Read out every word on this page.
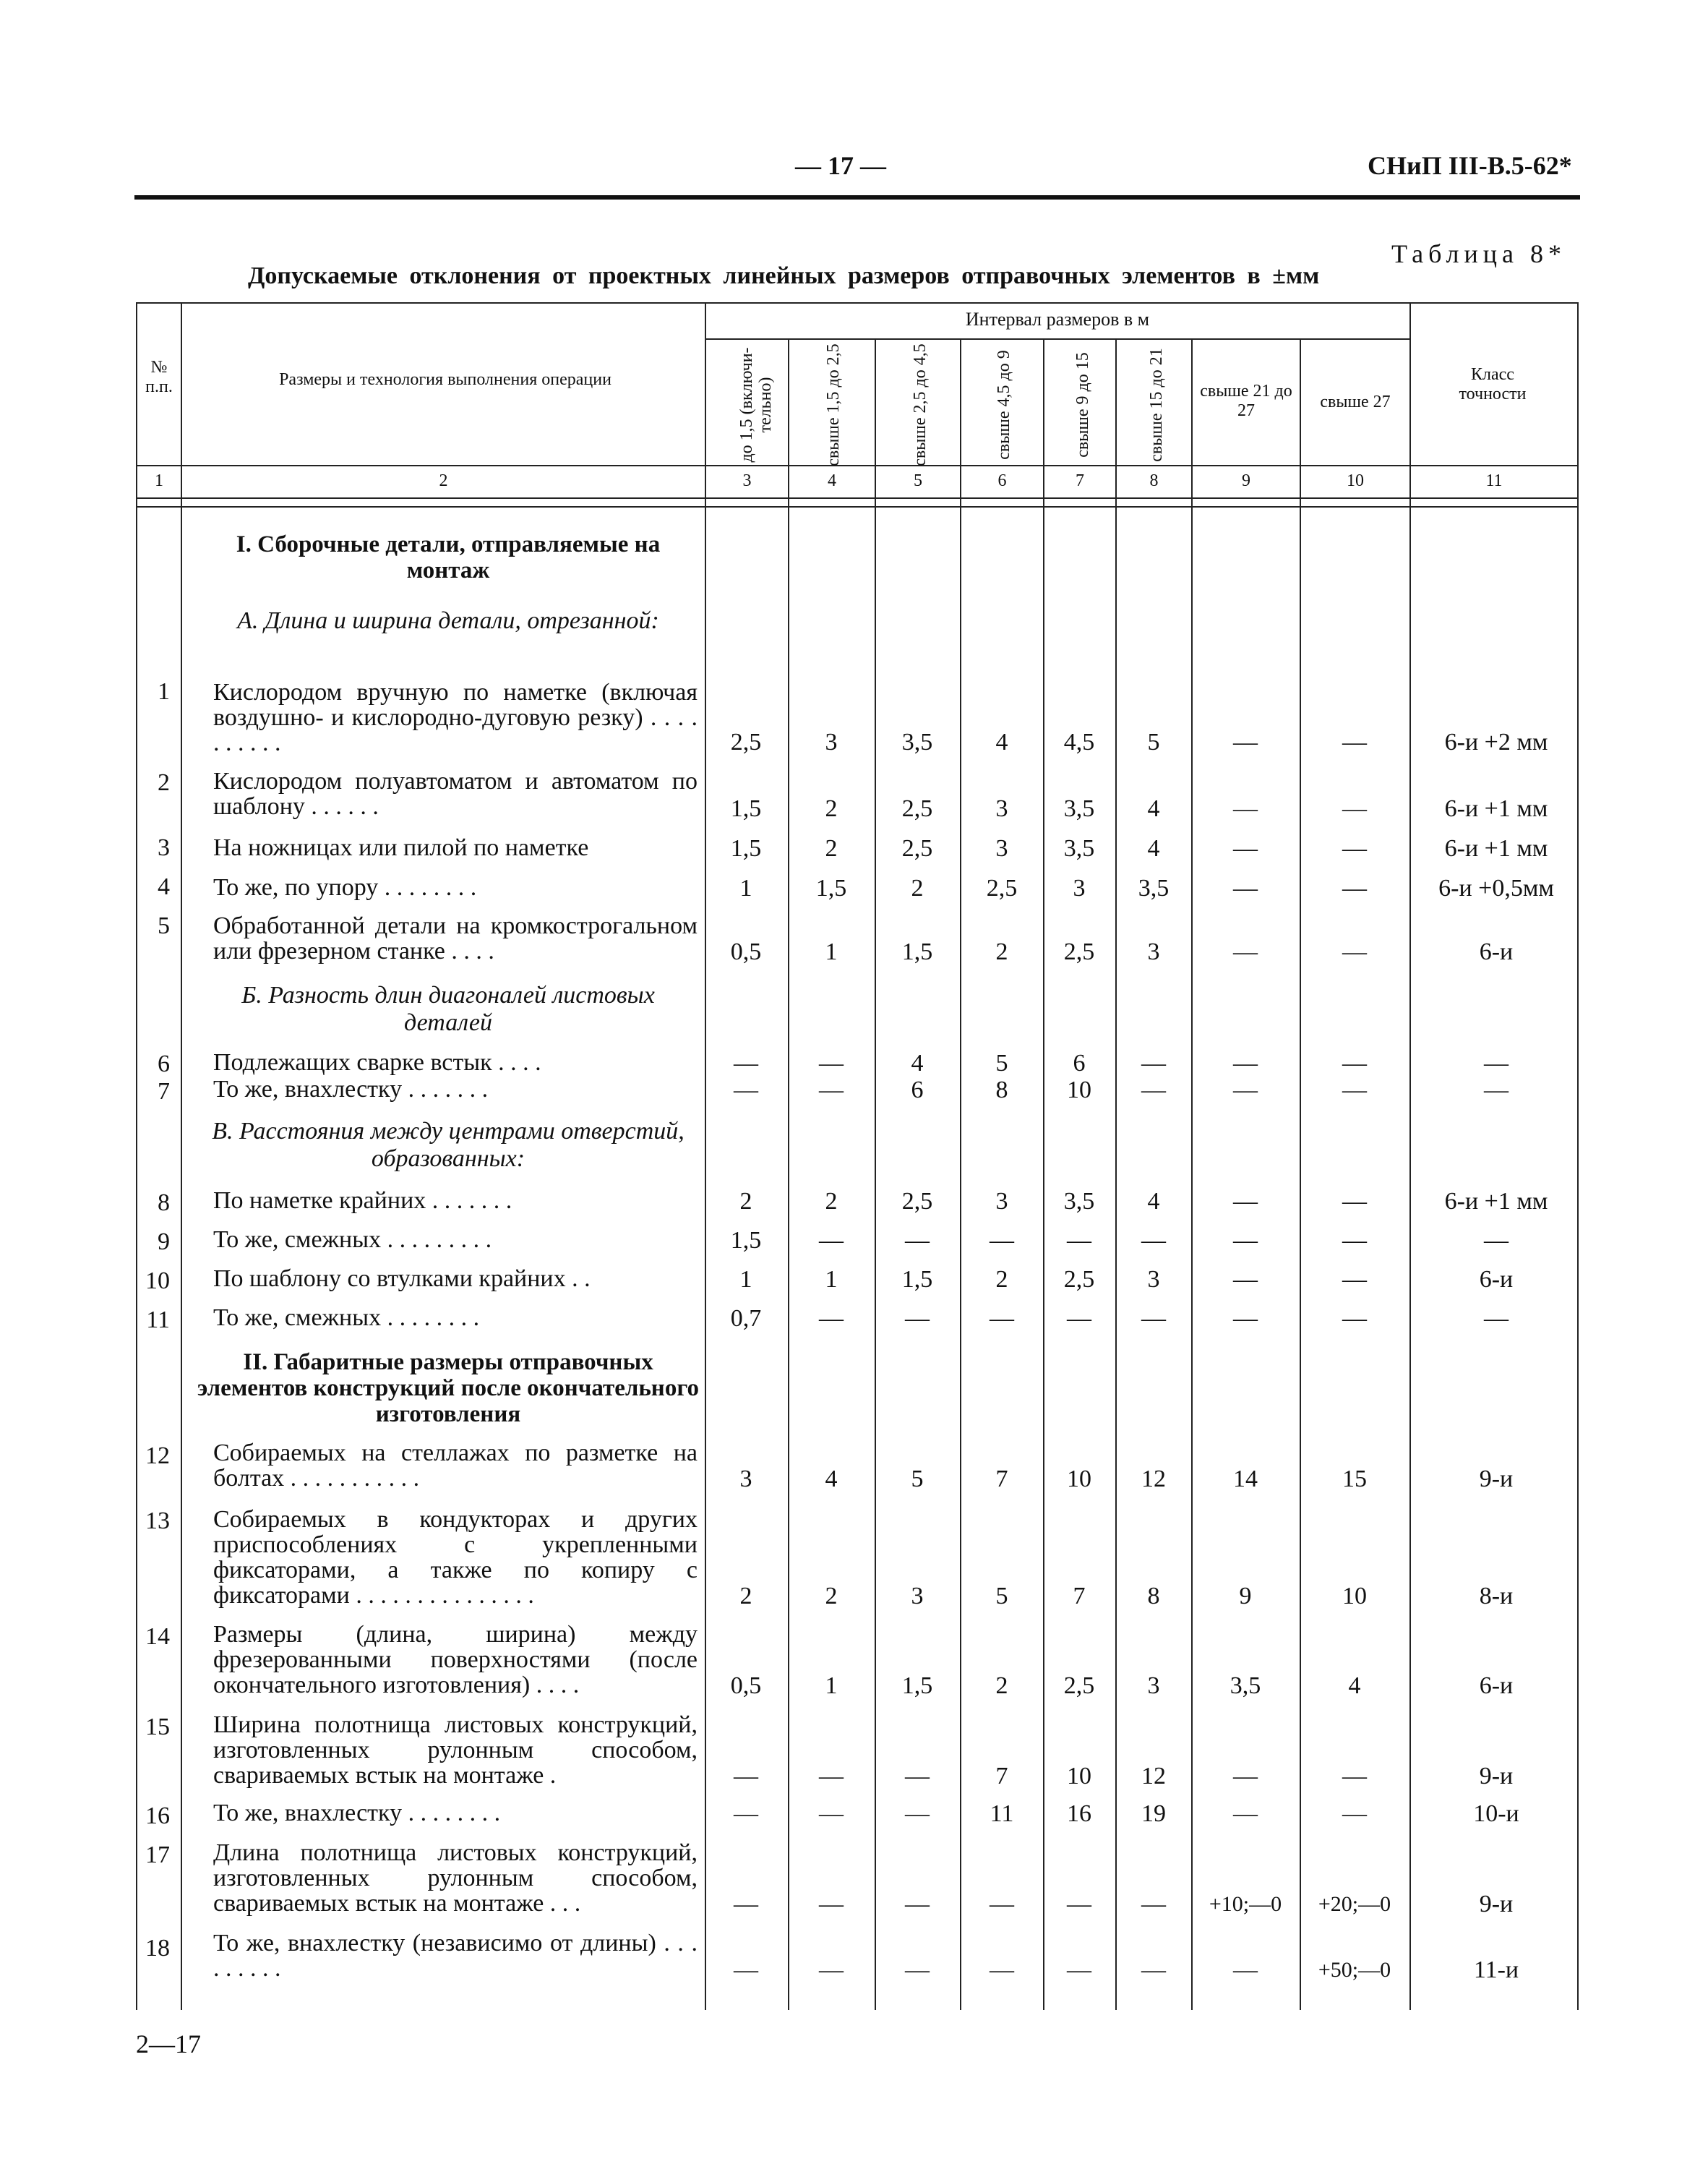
— 17 —	СНиП III-В.5-62*
Таблица 8*
Допускаемые отклонения от проектных линейных размеров отправочных элементов в ±мм
№ п.п.	Размеры и технология выполнения операции
Интервал размеров в м
до 1,5 (включи-тельно)	свыше 1,5 до 2,5	свыше 2,5 до 4,5	свыше 4,5 до 9	свыше 9 до 15	свыше 15 до 21	свыше 21 до 27	свыше 27
Класс точности
1	2	3	4	5	6	7	8	9	10	11
I. Сборочные детали, отправляемые на монтаж
А. Длина и ширина детали, отрезанной:
1 Кислородом вручную по наметке (включая воздушно- и кислородно-дуговую резку) . . . . . . . . . .	2,5	3	3,5	4	4,5	5	—	—	6-и +2 мм
2 Кислородом полуавтоматом и автоматом по шаблону . . . . . .	1,5	2	2,5	3	3,5	4	—	—	6-и +1 мм
3 На ножницах или пилой по наметке	1,5	2	2,5	3	3,5	4	—	—	6-и +1 мм
4 То же, по упору . . . . . . . .	1	1,5	2	2,5	3	3,5	—	—	6-и +0,5мм
5 Обработанной детали на кромкострогальном или фрезерном станке . . . .	0,5	1	1,5	2	2,5	3	—	—	6-и
Б. Разность длин диагоналей листовых деталей
6 Подлежащих сварке встык . . . .	—	—	4	5	6	—	—	—	—
7 То же, внахлестку . . . . . . .	—	—	6	8	10	—	—	—	—
В. Расстояния между центрами отверстий, образованных:
8 По наметке крайних . . . . . . .	2	2	2,5	3	3,5	4	—	—	6-и +1 мм
9 То же, смежных . . . . . . . . .	1,5	—	—	—	—	—	—	—	—
10 По шаблону со втулками крайних . .	1	1	1,5	2	2,5	3	—	—	6-и
11 То же, смежных . . . . . . . .	0,7	—	—	—	—	—	—	—	—
II. Габаритные размеры отправочных элементов конструкций после окончательного изготовления
12 Собираемых на стеллажах по разметке на болтах . . . . . . . . . . .	3	4	5	7	10	12	14	15	9-и
13 Собираемых в кондукторах и других приспособлениях с укрепленными фиксаторами, а также по копиру с фиксаторами . . . . . . . . . . . . . . .	2	2	3	5	7	8	9	10	8-и
14 Размеры (длина, ширина) между фрезерованными поверхностями (после окончательного изготовления) . . . .	0,5	1	1,5	2	2,5	3	3,5	4	6-и
15 Ширина полотнища листовых конструкций, изготовленных рулонным способом, свариваемых встык на монтаже .	—	—	—	7	10	12	—	—	9-и
16 То же, внахлестку . . . . . . . .	—	—	—	11	16	19	—	—	10-и
17 Длина полотнища листовых конструкций, изготовленных рулонным способом, свариваемых встык на монтаже . . .	—	—	—	—	—	—	+10;—0	+20;—0	9-и
18 То же, внахлестку (независимо от длины) . . . . . . . . .	—	—	—	—	—	—	—	+50;—0	11-и
2—17
